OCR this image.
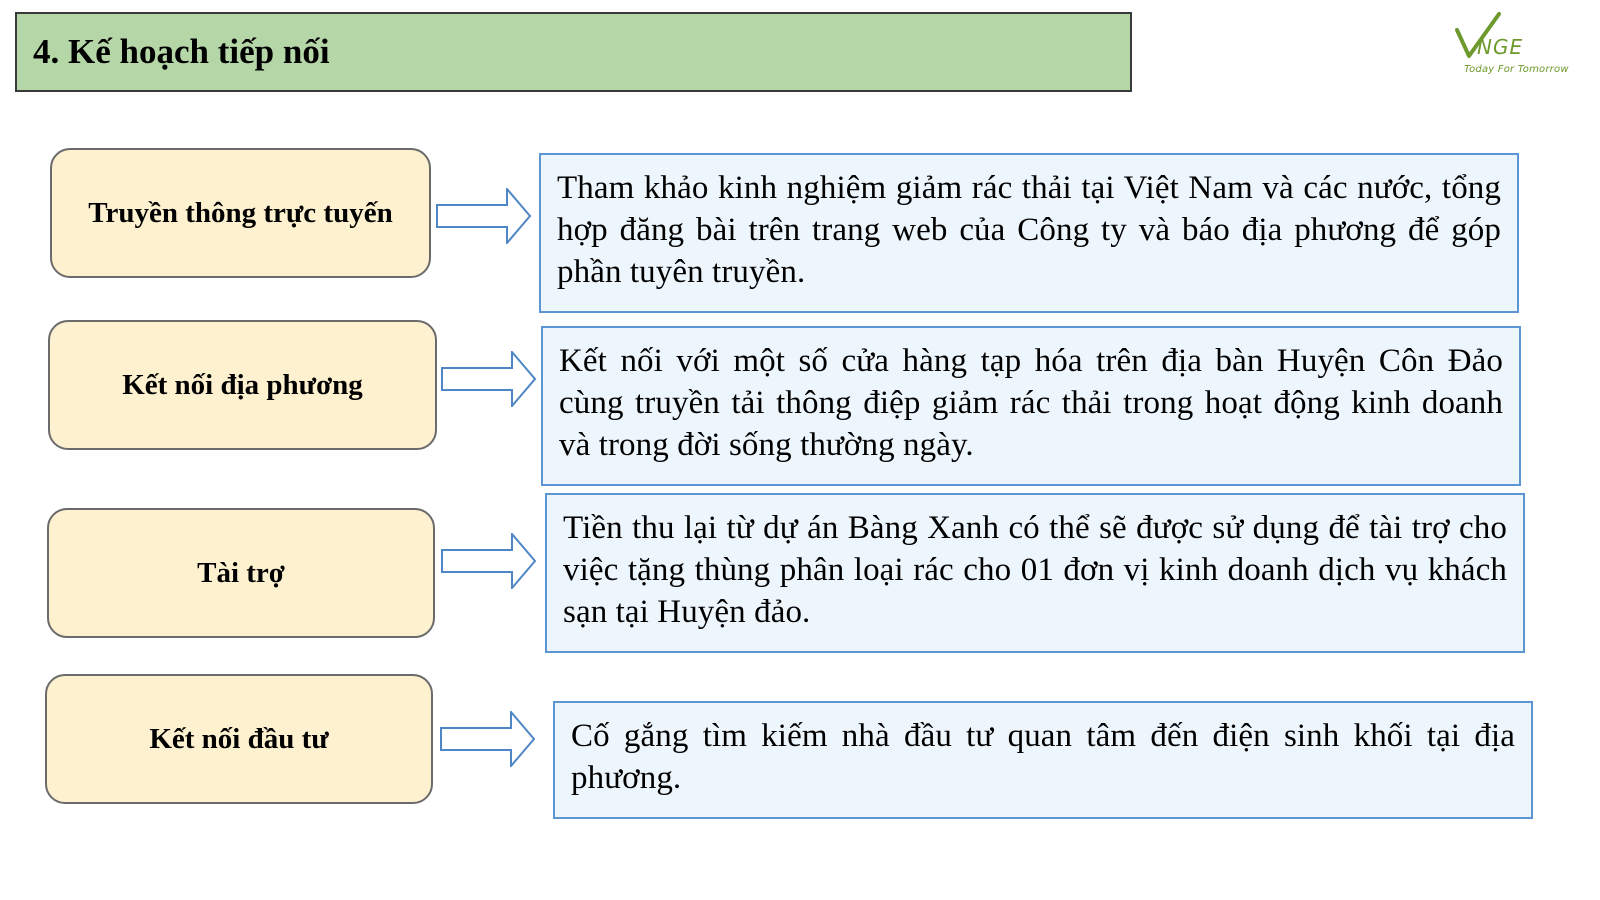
4. Kế hoạch tiếp nối	NGE
Today For Tomorrow
Truyền thông trực tuyến

Tham khảo kinh nghiệm giảm rác thải tại Việt Nam và các nước, tổng hợp đăng bài trên trang web của Công ty và báo địa phương để góp phần tuyên truyền.

Kết nối địa phương

Kết nối với một số cửa hàng tạp hóa trên địa bàn Huyện Côn Đảo cùng truyền tải thông điệp giảm rác thải trong hoạt động kinh doanh và trong đời sống thường ngày.

Tài trợ

Tiền thu lại từ dự án Bàng Xanh có thể sẽ được sử dụng để tài trợ cho việc tặng thùng phân loại rác cho 01 đơn vị kinh doanh dịch vụ khách sạn tại Huyện đảo.

Kết nối đầu tư	Cố gắng tìm kiếm nhà đầu tư quan tâm đến điện sinh khối tại địa phương.
